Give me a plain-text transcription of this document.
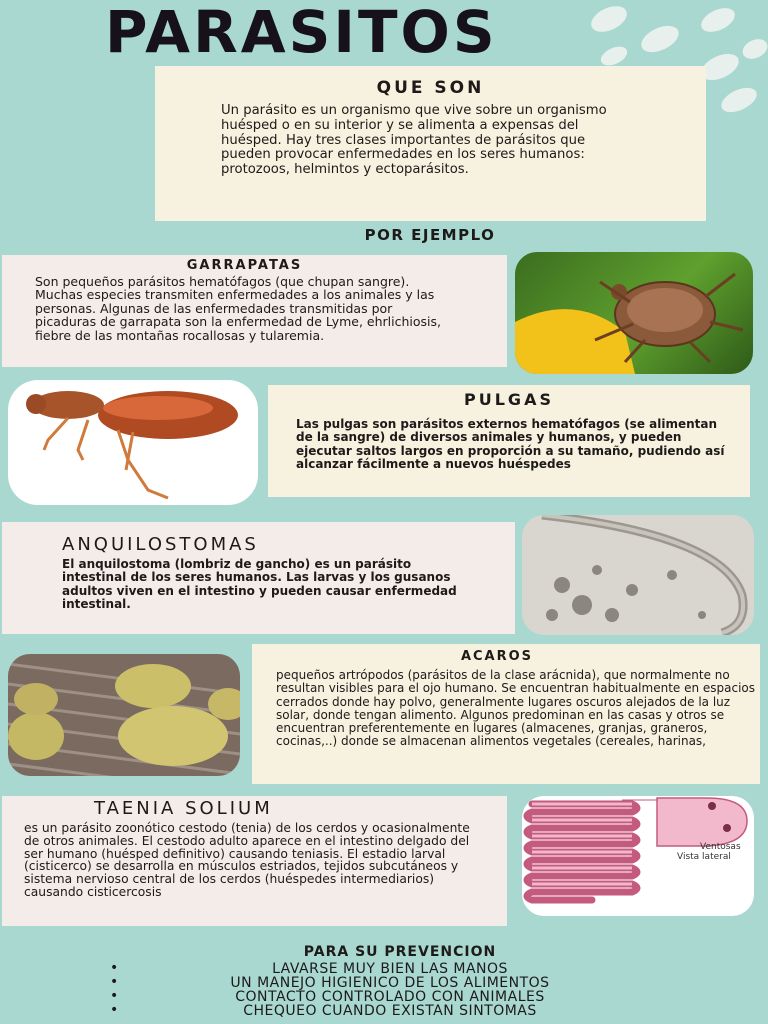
PARASITOS
QUE SON
Un parásito es un organismo que vive sobre un organismo huésped o en su interior y se alimenta a expensas del huésped. Hay tres clases importantes de parásitos que pueden provocar enfermedades en los seres humanos: protozoos, helmintos y ectoparásitos.
POR EJEMPLO
GARRAPATAS
Son pequeños parásitos hematófagos (que chupan sangre). Muchas especies transmiten enfermedades a los animales y las personas. Algunas de las enfermedades transmitidas por picaduras de garrapata son la enfermedad de Lyme, ehrlichiosis, fiebre de las montañas rocallosas y tularemia.
PULGAS
Las pulgas son parásitos externos hematófagos (se alimentan de la sangre) de diversos animales y humanos, y pueden ejecutar saltos largos en proporción a su tamaño, pudiendo así alcanzar fácilmente a nuevos huéspedes
ANQUILOSTOMAS
El anquilostoma (lombriz de gancho) es un parásito intestinal de los seres humanos. Las larvas y los gusanos adultos viven en el intestino y pueden causar enfermedad intestinal.
ACAROS
pequeños artrópodos (parásitos de la clase arácnida), que normalmente no resultan visibles para el ojo humano. Se encuentran habitualmente en espacios cerrados donde hay polvo, generalmente lugares oscuros alejados de la luz solar, donde tengan alimento. Algunos predominan en las casas y otros se encuentran preferentemente en lugares (almacenes, granjas, graneros, cocinas,..) donde se almacenan alimentos vegetales (cereales, harinas,
TAENIA SOLIUM
es un parásito zoonótico cestodo (tenia) de los cerdos y ocasionalmente de otros animales. El cestodo adulto aparece en el intestino delgado del ser humano (huésped definitivo) causando teniasis. El estadio larval (cisticerco) se desarrolla en músculos estriados, tejidos subcutáneos y sistema nervioso central de los cerdos (huéspedes intermediarios) causando cisticercosis
Ventosas
Vista lateral
PARA SU PREVENCION
•	LAVARSE MUY BIEN LAS MANOS
•	UN MANEJO HIGIENICO DE LOS ALIMENTOS
•	CONTACTO CONTROLADO CON ANIMALES
•	CHEQUEO CUANDO EXISTAN SINTOMAS
